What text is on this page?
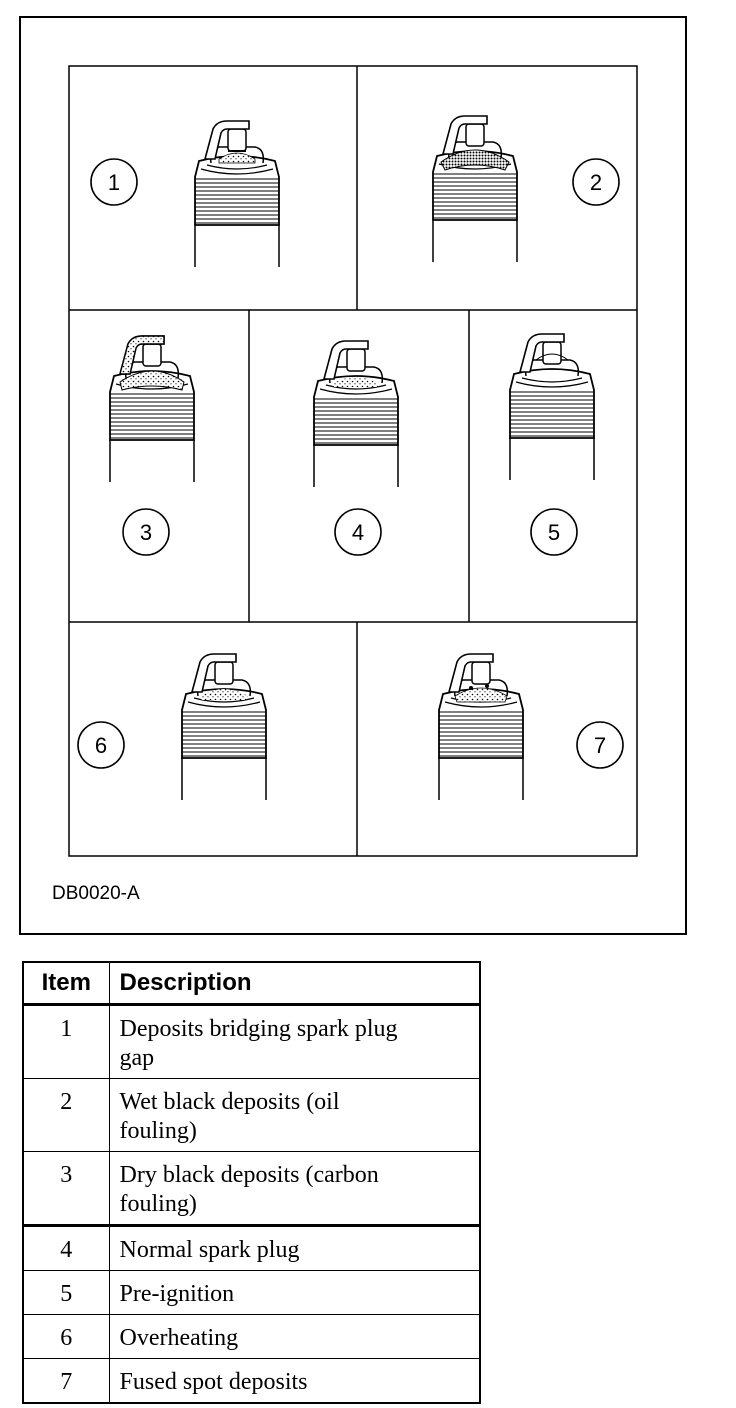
1	2
3	4	5
6	7
DB0020-A
Item	Description
1	Deposits bridging spark plug
gap
2	Wet black deposits (oil
fouling)
3	Dry black deposits (carbon
fouling)
4	Normal spark plug
5	Pre-ignition
6	Overheating
7	Fused spot deposits
